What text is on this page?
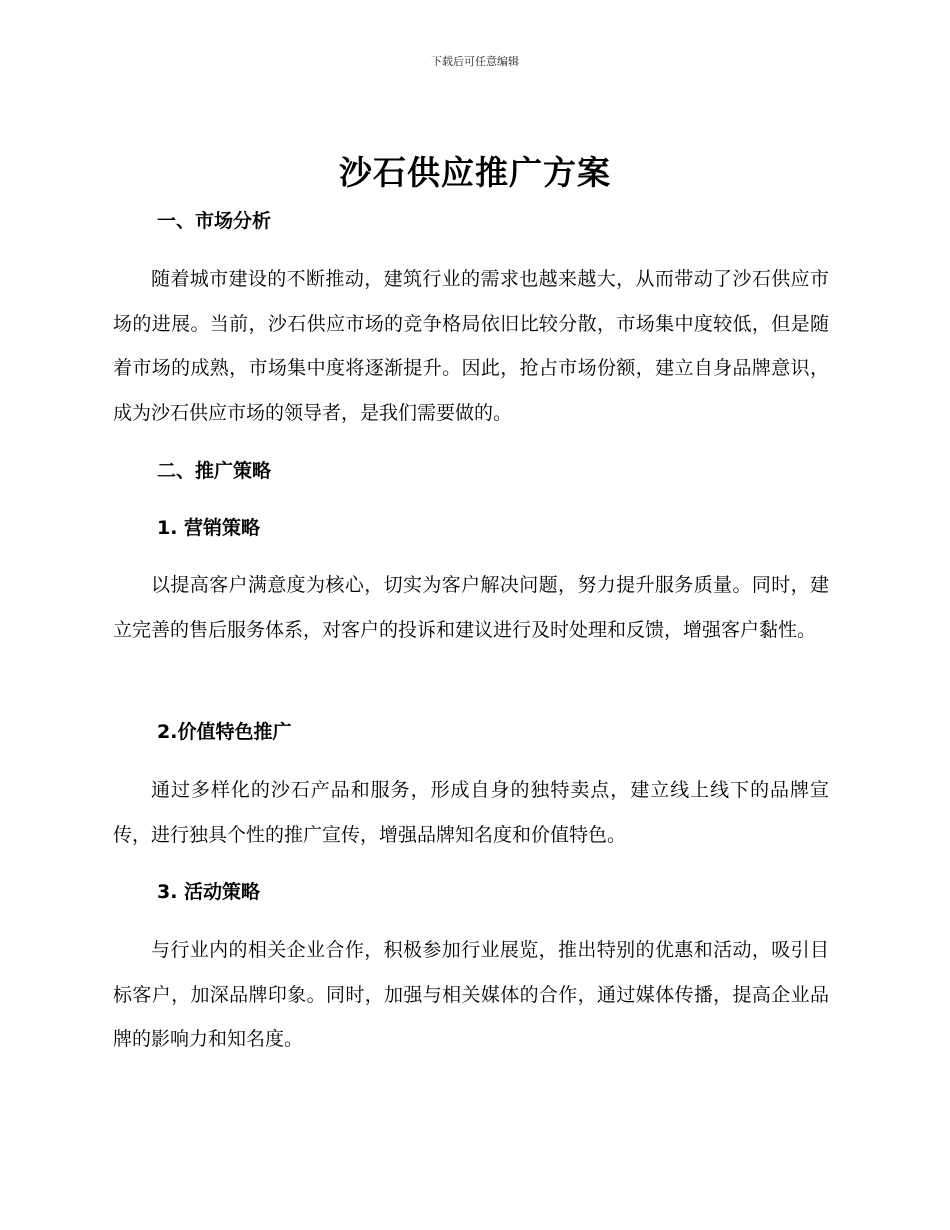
下载后可任意编辑
沙石供应推广方案
一、市场分析

随着城市建设的不断推动，建筑行业的需求也越来越大，从而带动了沙石供应市场的进展。当前，沙石供应市场的竞争格局依旧比较分散，市场集中度较低，但是随着市场的成熟，市场集中度将逐渐提升。因此，抢占市场份额，建立自身品牌意识，成为沙石供应市场的领导者，是我们需要做的。

二、推广策略
1. 营销策略

以提高客户满意度为核心，切实为客户解决问题，努力提升服务质量。同时，建立完善的售后服务体系，对客户的投诉和建议进行及时处理和反馈，增强客户黏性。

2.价值特色推广

通过多样化的沙石产品和服务，形成自身的独特卖点，建立线上线下的品牌宣传，进行独具个性的推广宣传，增强品牌知名度和价值特色。

3. 活动策略

与行业内的相关企业合作，积极参加行业展览，推出特别的优惠和活动，吸引目标客户，加深品牌印象。同时，加强与相关媒体的合作，通过媒体传播，提高企业品牌的影响力和知名度。
